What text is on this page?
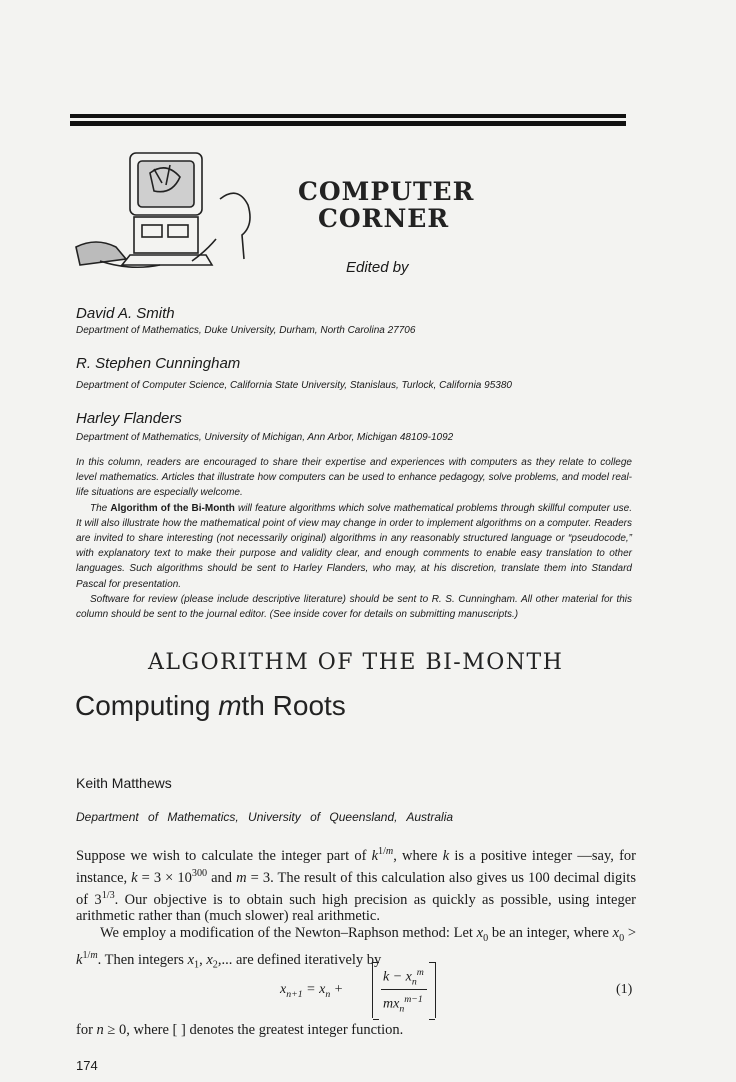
COMPUTER
CORNER
Edited by
David A. Smith
Department of Mathematics, Duke University, Durham, North Carolina 27706
R. Stephen Cunningham
Department of Computer Science, California State University, Stanislaus, Turlock, California 95380
Harley Flanders
Department of Mathematics, University of Michigan, Ann Arbor, Michigan 48109-1092

In this column, readers are encouraged to share their expertise and experiences with computers as they relate to college level mathematics. Articles that illustrate how computers can be used to enhance pedagogy, solve problems, and model real-life situations are especially welcome.

The Algorithm of the Bi-Month will feature algorithms which solve mathematical problems through skillful computer use. It will also illustrate how the mathematical point of view may change in order to implement algorithms on a computer. Readers are invited to share interesting (not necessarily original) algorithms in any reasonably structured language or “pseudocode,” with explanatory text to make their purpose and validity clear, and enough comments to enable easy translation to other languages. Such algorithms should be sent to Harley Flanders, who may, at his discretion, translate them into Standard Pascal for presentation.

Software for review (please include descriptive literature) should be sent to R. S. Cunningham. All other material for this column should be sent to the journal editor. (See inside cover for details on submitting manuscripts.)

ALGORITHM OF THE BI-MONTH
Computing mth Roots
Keith Matthews
Department of Mathematics, University of Queensland, Australia

Suppose we wish to calculate the integer part of $k^{1/m}$, where k is a positive integer —say, for instance, $k = 3 \times 10^{300}$ and m = 3. The result of this calculation also gives us 100 decimal digits of $3^{1/3}$. Our objective is to obtain such high precision as quickly as possible, using integer arithmetic rather than (much slower) real arithmetic.

We employ a modification of the Newton–Raphson method: Let $x_0$ be an integer, where $x_0 > k^{1/m}$. Then integers $x_1$, $x_2$,... are defined iteratively by

$x_{n+1} = x_n$ +
$k - x_n^m$
$mx_n^{m-1}$
(1)
for n ≥ 0, where [ ] denotes the greatest integer function.
174
